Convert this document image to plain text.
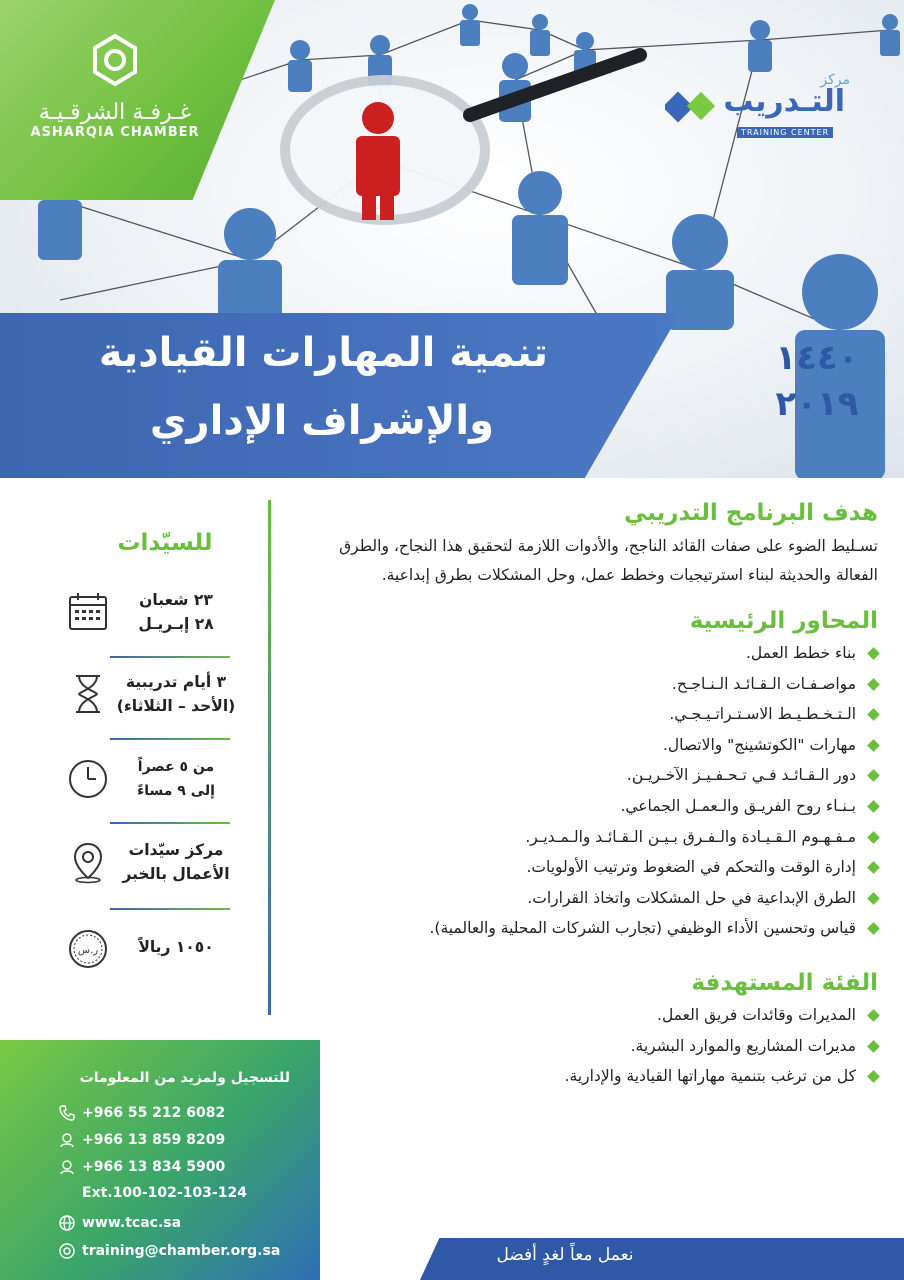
غـرفـة الشرقـيـة
ASHARQIA CHAMBER
مركز
التـدريب
TRAINING CENTER
تنمية المهارات القيادية
والإشراف الإداري
١٤٤٠
٢٠١٩
هدف البرنامج التدريبي
تسـليط الضوء على صفات القائد الناجح، والأدوات اللازمة لتحقيق هذا النجاح، والطرق الفعالة والحديثة لبناء استرتيجيات وخطط عمل، وحل المشكلات بطرق إبداعية.
المحاور الرئيسية
بناء خطط العمل.
مواصـفـات الـقـائـد الـنـاجـح.
الـتـخـطـيـط الاسـتـراتـيـجـي.
مهارات "الكوتشينج" والاتصال.
دور الـقـائـد فـي تـحـفـيـز الآخـريـن.
بـنـاء روح الفريـق والـعمـل الجماعي.
مـفـهـوم الـقـيـادة والـفـرق بـيـن الـقـائـد والـمـديـر.
إدارة الوقت والتحكم في الضغوط وترتيب الأولويات.
الطرق الإبداعية في حل المشكلات واتخاذ القرارات.
قياس وتحسين الأداء الوظيفي (تجارب الشركات المحلية والعالمية).
الفئة المستهدفة
المديرات وقائدات فريق العمل.
مديرات المشاريع والموارد البشرية.
كل من ترغب بتنمية مهاراتها القيادية والإدارية.
للسيّدات
٢٣ شعبان
٢٨ إبـريـل
٣ أيام تدريبية
(الأحد – الثلاثاء)
من ٥ عصراً
إلى ٩ مساءً
مركز سيّدات
الأعمال بالخبر
ر.س	١٠٥٠ ريالاً
للتسجيل ولمزيد من المعلومات
+966 55 212 6082
+966 13 859 8209
+966 13 834 5900
Ext.100-102-103-124
www.tcac.sa
training@chamber.org.sa	نعمل معاً لغدٍ أفضل
